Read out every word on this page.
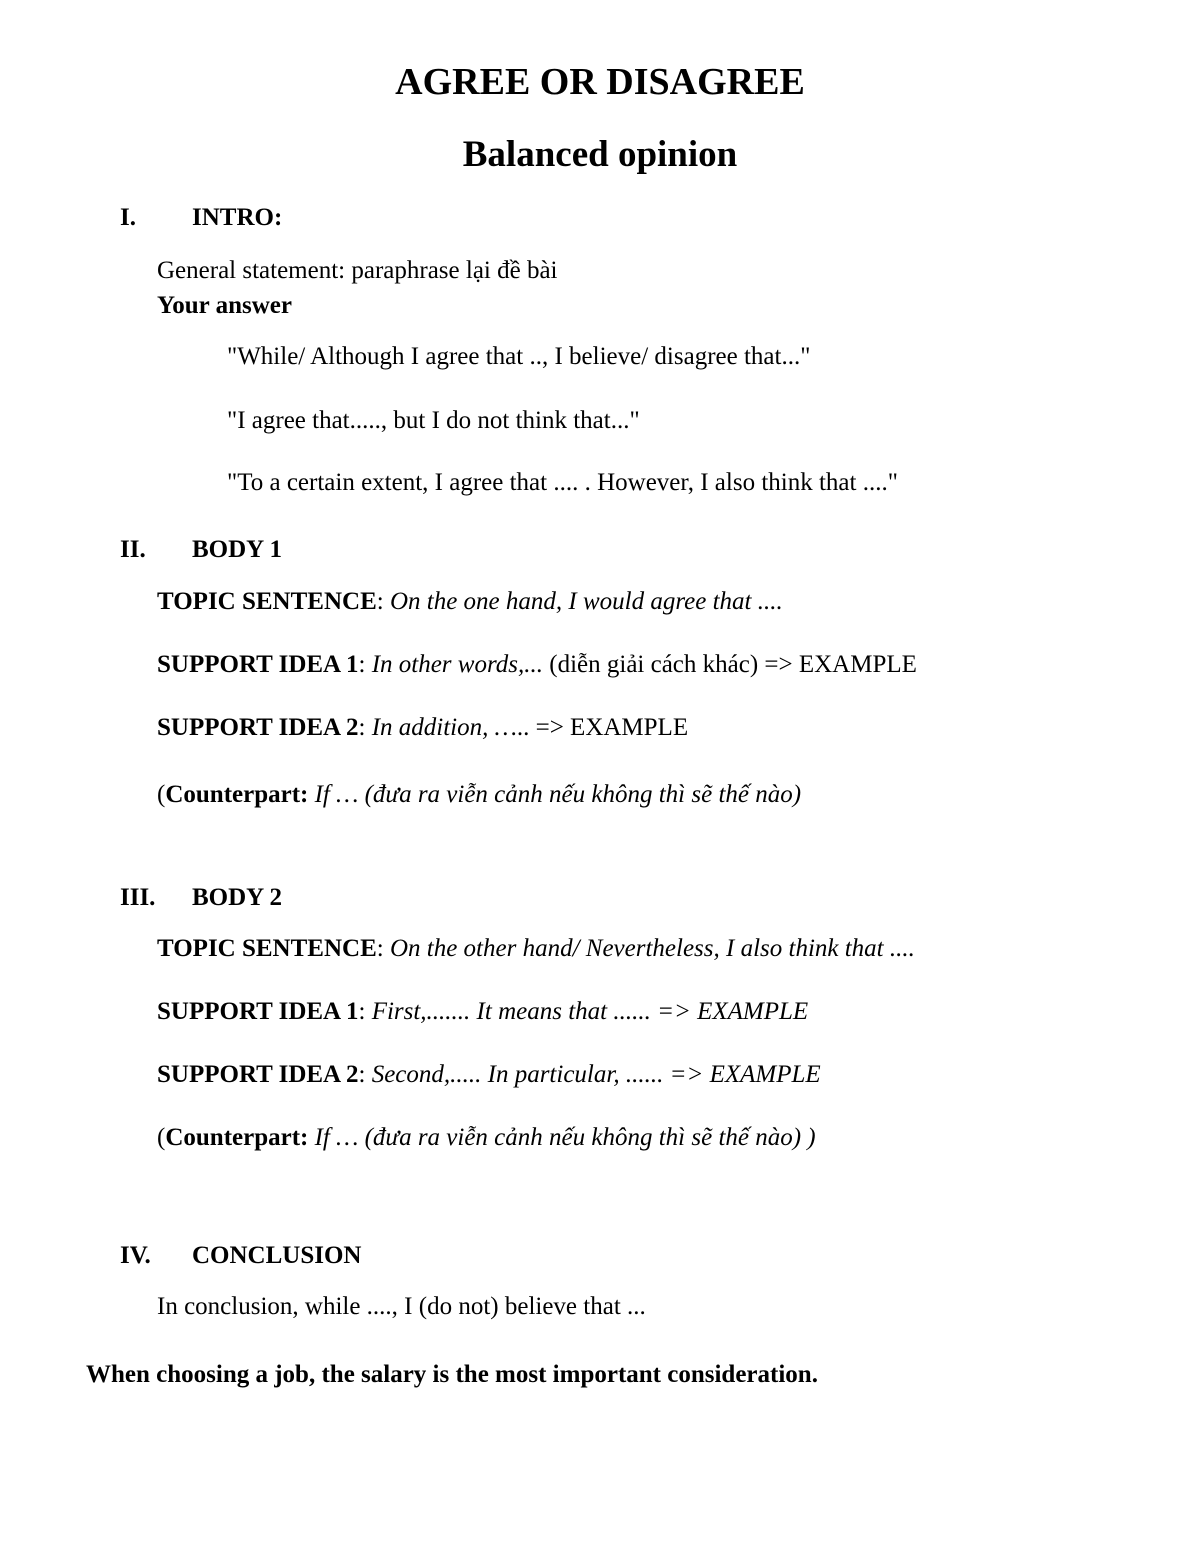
AGREE OR DISAGREE
Balanced opinion
I. INTRO:
General statement: paraphrase lại đề bài
Your answer
"While/ Although I agree that .., I believe/ disagree that..."
"I agree that....., but I do not think that..."
"To a certain extent, I agree that .... . However, I also think that ...."
II. BODY 1
TOPIC SENTENCE: On the one hand, I would agree that ....
SUPPORT IDEA 1: In other words,... (diễn giải cách khác) => EXAMPLE
SUPPORT IDEA 2: In addition, ….. => EXAMPLE
(Counterpart: If … (đưa ra viễn cảnh nếu không thì sẽ thế nào)
III. BODY 2
TOPIC SENTENCE: On the other hand/ Nevertheless, I also think that ....
SUPPORT IDEA 1: First,....... It means that ...... => EXAMPLE
SUPPORT IDEA 2: Second,..... In particular, ...... => EXAMPLE
(Counterpart: If … (đưa ra viễn cảnh nếu không thì sẽ thế nào) )
IV. CONCLUSION
In conclusion, while ...., I (do not) believe that ...
When choosing a job, the salary is the most important consideration.
